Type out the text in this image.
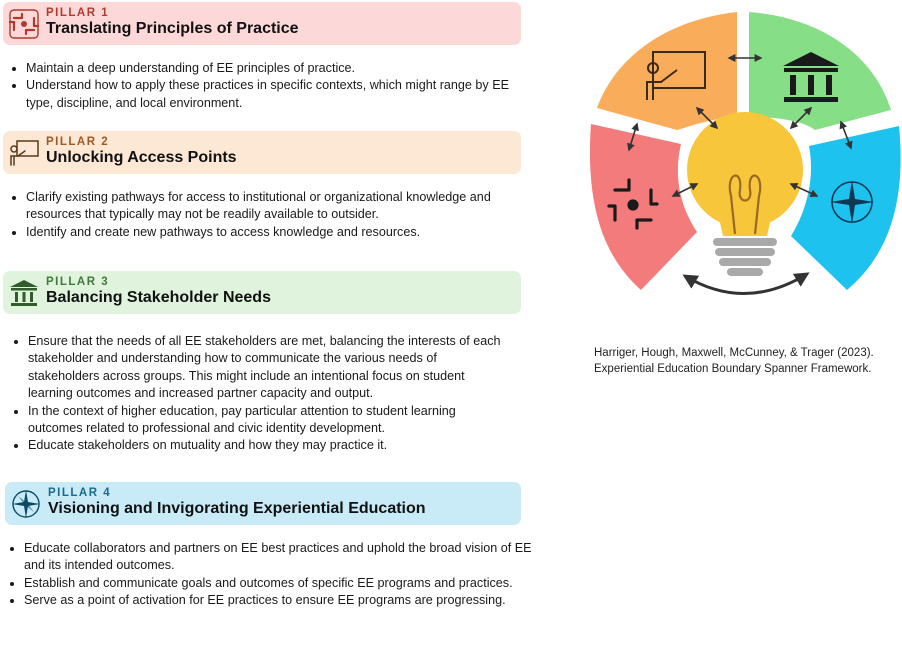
PILLAR 1
Translating Principles of Practice
• Maintain a deep understanding of EE principles of practice.
• Understand how to apply these practices in specific contexts, which might range by EE type, discipline, and local environment.
PILLAR 2
Unlocking Access Points
• Clarify existing pathways for access to institutional or organizational knowledge and resources that typically may not be readily available to outsider.
• Identify and create new pathways to access knowledge and resources.
PILLAR 3
Balancing Stakeholder Needs
• Ensure that the needs of all EE stakeholders are met, balancing the interests of each stakeholder and understanding how to communicate the various needs of stakeholders across groups. This might include an intentional focus on student learning outcomes and increased partner capacity and output.
• In the context of higher education, pay particular attention to student learning outcomes related to professional and civic identity development.
• Educate stakeholders on mutuality and how they may practice it.
PILLAR 4
Visioning and Invigorating Experiential Education
• Educate collaborators and partners on EE best practices and uphold the broad vision of EE and its intended outcomes.
• Establish and communicate goals and outcomes of specific EE programs and practices.
• Serve as a point of activation for EE practices to ensure EE programs are progressing.
Harriger, Hough, Maxwell, McCunney, & Trager (2023).
Experiential Education Boundary Spanner Framework.
